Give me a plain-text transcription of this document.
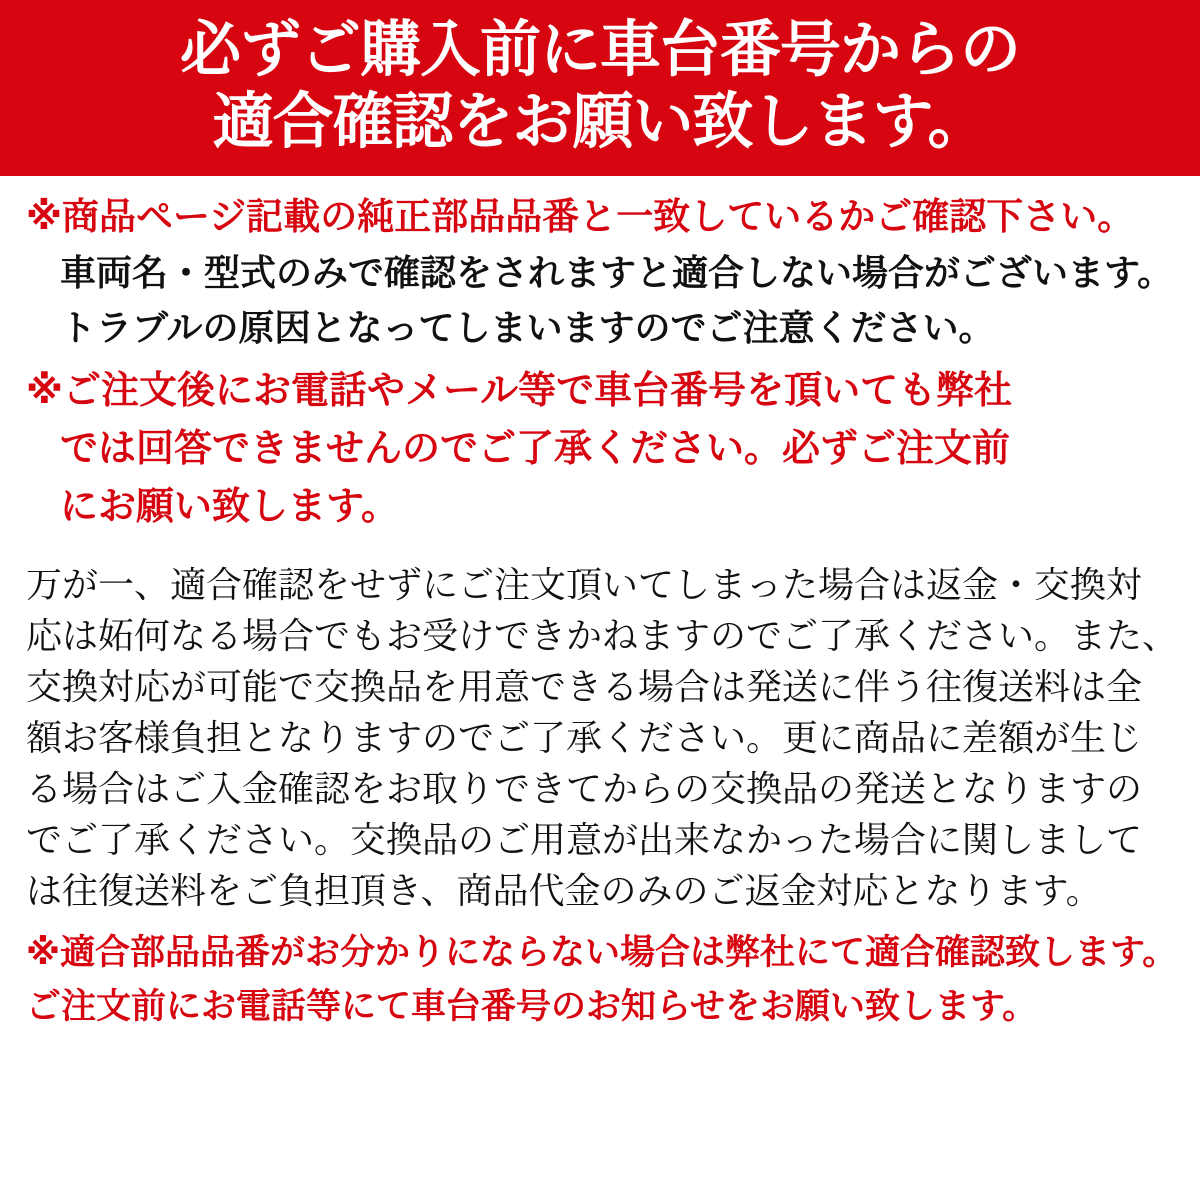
必ずご購入前に車台番号からの
適合確認をお願い致します。
※商品ページ記載の純正部品品番と一致しているかご確認下さい。
車両名・型式のみで確認をされますと適合しない場合がございます。
トラブルの原因となってしまいますのでご注意ください。
※ご注文後にお電話やメール等で車台番号を頂いても弊社
では回答できませんのでご了承ください。必ずご注文前
にお願い致します。
万が一、適合確認をせずにご注文頂いてしまった場合は返金・交換対
応は妬何なる場合でもお受けできかねますのでご了承ください。また、
交換対応が可能で交換品を用意できる場合は発送に伴う往復送料は全
額お客様負担となりますのでご了承ください。更に商品に差額が生じ
る場合はご入金確認をお取りできてからの交換品の発送となりますの
でご了承ください。交換品のご用意が出来なかった場合に関しまして
は往復送料をご負担頂き、商品代金のみのご返金対応となります。
※適合部品品番がお分かりにならない場合は弊社にて適合確認致します。
ご注文前にお電話等にて車台番号のお知らせをお願い致します。
